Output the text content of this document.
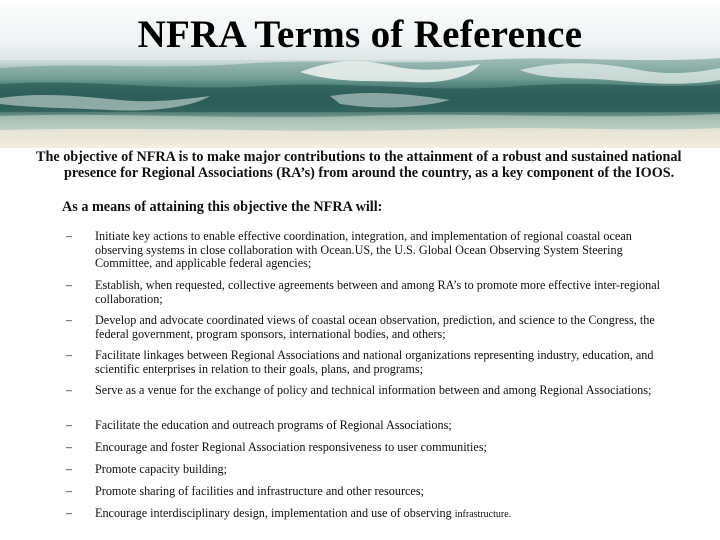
NFRA Terms of Reference

The objective of NFRA is to make major contributions to the attainment of a robust and sustained national presence for Regional Associations (RA’s) from around the country, as a key component of the IOOS.

As a means of attaining this objective the NFRA will:

–	Initiate key actions to enable effective coordination, integration, and implementation of regional coastal ocean observing systems in close collaboration with Ocean.US, the U.S. Global Ocean Observing System Steering Committee, and applicable federal agencies;
–	Establish, when requested, collective agreements between and among RA’s to promote more effective inter-regional collaboration;
–	Develop and advocate coordinated views of coastal ocean observation, prediction, and science to the Congress, the federal government, program sponsors, international bodies, and others;
–	Facilitate linkages between Regional Associations and national organizations representing industry, education, and scientific enterprises in relation to their goals, plans, and programs;
–	Serve as a venue for the exchange of policy and technical information between and among Regional Associations;
–	Facilitate the education and outreach programs of Regional Associations;
–	Encourage and foster Regional Association responsiveness to user communities;
–	Promote capacity building;
–	Promote sharing of facilities and infrastructure and other resources;
–	Encourage interdisciplinary design, implementation and use of observing infrastructure.
